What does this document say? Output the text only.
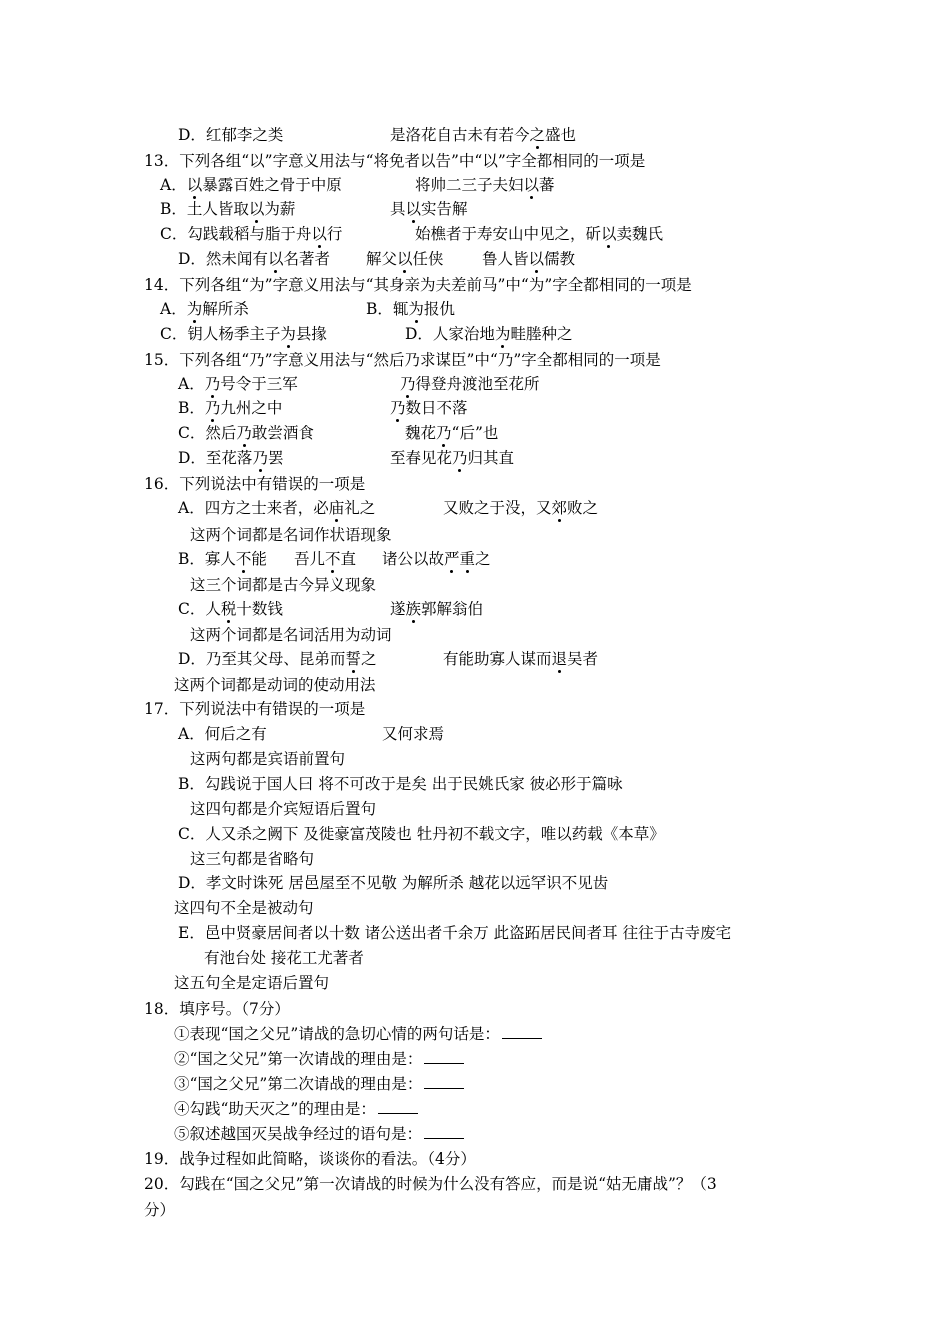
D．红郁李之类	是洛花自古未有若今之盛也
13．下列各组“以”字意义用法与“将免者以告”中“以”字全都相同的一项是
A．以暴露百姓之骨于中原	将帅二三子夫妇以蕃
B．土人皆取以为薪	具以实告解
C．勾践载稻与脂于舟以行	始樵者于寿安山中见之，斫以卖魏氏
D．然未闻有以名著者 解父以任侠 鲁人皆以儒教
14．下列各组“为”字意义用法与“其身亲为夫差前马”中“为”字全都相同的一项是
A．为解所杀	B．辄为报仇
C．钥人杨季主子为县掾	D．人家治地为畦塍种之
15．下列各组“乃”字意义用法与“然后乃求谋臣”中“乃”字全都相同的一项是
A．乃号令于三军	乃得登舟渡池至花所
B．乃九州之中	乃数日不落
C．然后乃敢尝酒食	魏花乃“后”也
D．至花落乃罢	至春见花乃归其直
16．下列说法中有错误的一项是
A．四方之士来者，必庙礼之	又败之于没，又郊败之
这两个词都是名词作状语现象
B．寡人不能 吾儿不直 诸公以故严重之
这三个词都是古今异义现象
C．人税十数钱	遂族郭解翁伯
这两个词都是名词活用为动词
D．乃至其父母、昆弟而誓之	有能助寡人谋而退吴者
这两个词都是动词的使动用法
17．下列说法中有错误的一项是
A．何后之有	又何求焉
这两句都是宾语前置句
B．勾践说于国人曰 将不可改于是矣 出于民姚氏家 彼必形于篇咏
这四句都是介宾短语后置句
C．人又杀之阙下 及徙豪富茂陵也 牡丹初不载文字，唯以药载《本草》
这三句都是省略句
D．孝文时诛死 居邑屋至不见敬 为解所杀 越花以远罕识不见齿
这四句不全是被动句
E．邑中贤豪居间者以十数 诸公送出者千余万 此盗跖居民间者耳 往往于古寺废宅
有池台处 接花工尤著者
这五句全是定语后置句
18．填序号。（7分）
①表现“国之父兄”请战的急切心情的两句话是：
②“国之父兄”第一次请战的理由是：
③“国之父兄”第二次请战的理由是：
④勾践“助天灭之”的理由是：
⑤叙述越国灭吴战争经过的语句是：
19．战争过程如此简略，谈谈你的看法。（4分）
20．勾践在“国之父兄”第一次请战的时候为什么没有答应，而是说“姑无庸战”？（3
分）
